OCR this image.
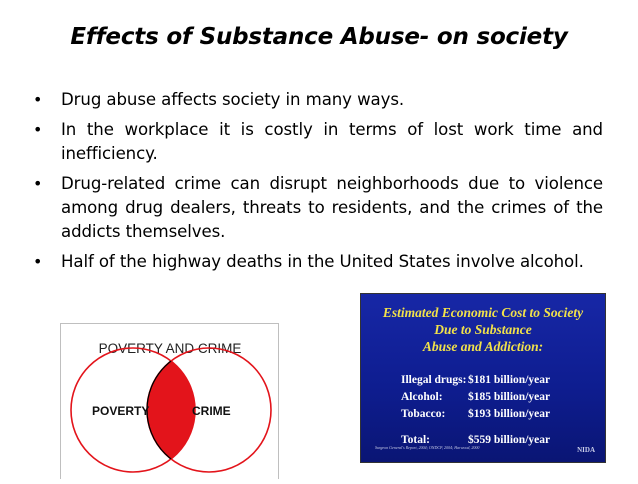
Effects of Substance Abuse- on society
• Drug abuse affects society in many ways.
• In the workplace it is costly in terms of lost work time and inefficiency.
• Drug-related crime can disrupt neighborhoods due to violence among drug dealers, threats to residents, and the crimes of the addicts themselves.
• Half of the highway deaths in the United States involve alcohol.
POVERTY AND CRIME
POVERTY	CRIME
Estimated Economic Cost to Society
Due to Substance
Abuse and Addiction:
Illegal drugs: $181 billion/year
Alcohol:	$185 billion/year
Tobacco:	$193 billion/year
Total:	$559 billion/year
Surgeon General's Report, 2004; ONDCP, 2004; Harwood, 2000	NIDA
